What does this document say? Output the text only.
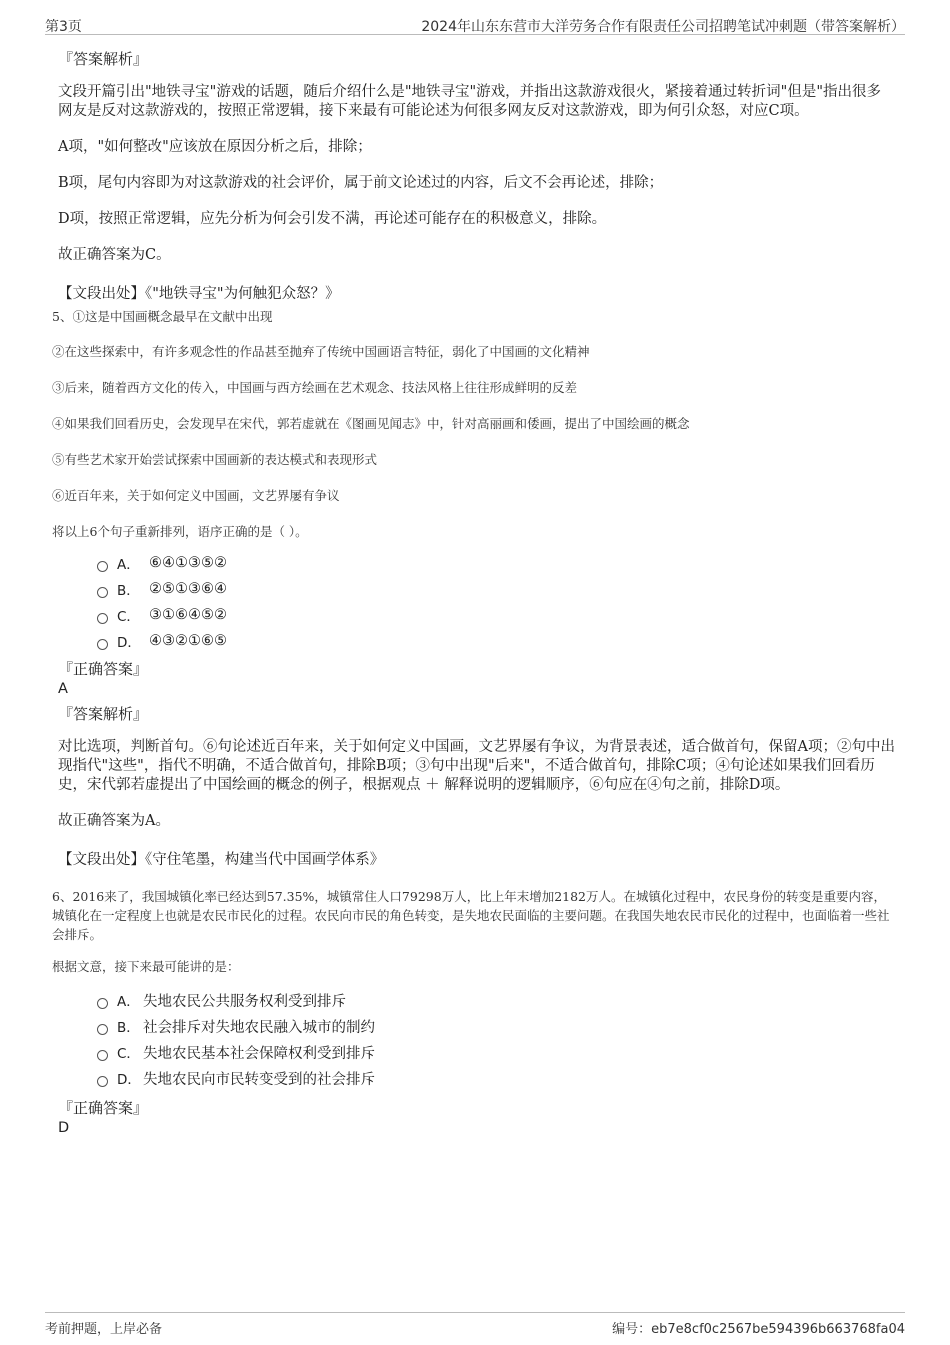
第3页	2024年山东东营市大洋劳务合作有限责任公司招聘笔试冲刺题（带答案解析）
『答案解析』
文段开篇引出"地铁寻宝"游戏的话题，随后介绍什么是"地铁寻宝"游戏，并指出这款游戏很火，紧接着通过转折词"但是"指出很多网友是反对这款游戏的，按照正常逻辑，接下来最有可能论述为何很多网友反对这款游戏，即为何引众怒，对应C项。
A项，"如何整改"应该放在原因分析之后，排除；
B项，尾句内容即为对这款游戏的社会评价，属于前文论述过的内容，后文不会再论述，排除；
D项，按照正常逻辑，应先分析为何会引发不满，再论述可能存在的积极意义，排除。
故正确答案为C。
【文段出处】《"地铁寻宝"为何触犯众怒？》
5、①这是中国画概念最早在文献中出现
②在这些探索中，有许多观念性的作品甚至抛弃了传统中国画语言特征，弱化了中国画的文化精神
③后来，随着西方文化的传入，中国画与西方绘画在艺术观念、技法风格上往往形成鲜明的反差
④如果我们回看历史，会发现早在宋代，郭若虚就在《图画见闻志》中，针对高丽画和倭画，提出了中国绘画的概念
⑤有些艺术家开始尝试探索中国画新的表达模式和表现形式
⑥近百年来，关于如何定义中国画，文艺界屡有争议
将以上6个句子重新排列，语序正确的是（ ）。
A． ⑥④①③⑤②
B． ②⑤①③⑥④
C． ③①⑥④⑤②
D． ④③②①⑥⑤
『正确答案』
A
『答案解析』
对比选项，判断首句。⑥句论述近百年来，关于如何定义中国画，文艺界屡有争议，为背景表述，适合做首句，保留A项；②句中出现指代"这些"，指代不明确，不适合做首句，排除B项；③句中出现"后来"，不适合做首句，排除C项；④句论述如果我们回看历史，宋代郭若虚提出了中国绘画的概念的例子，根据观点 ＋ 解释说明的逻辑顺序，⑥句应在④句之前，排除D项。
故正确答案为A。
【文段出处】《守住笔墨，构建当代中国画学体系》
6、2016来了，我国城镇化率已经达到57.35%，城镇常住人口79298万人，比上年末增加2182万人。在城镇化过程中，农民身份的转变是重要内容，城镇化在一定程度上也就是农民市民化的过程。农民向市民的角色转变，是失地农民面临的主要问题。在我国失地农民市民化的过程中，也面临着一些社会排斥。
根据文意，接下来最可能讲的是：
A． 失地农民公共服务权利受到排斥
B． 社会排斥对失地农民融入城市的制约
C． 失地农民基本社会保障权利受到排斥
D． 失地农民向市民转变受到的社会排斥
『正确答案』
D
考前押题，上岸必备	编号：eb7e8cf0c2567be594396b663768fa04
